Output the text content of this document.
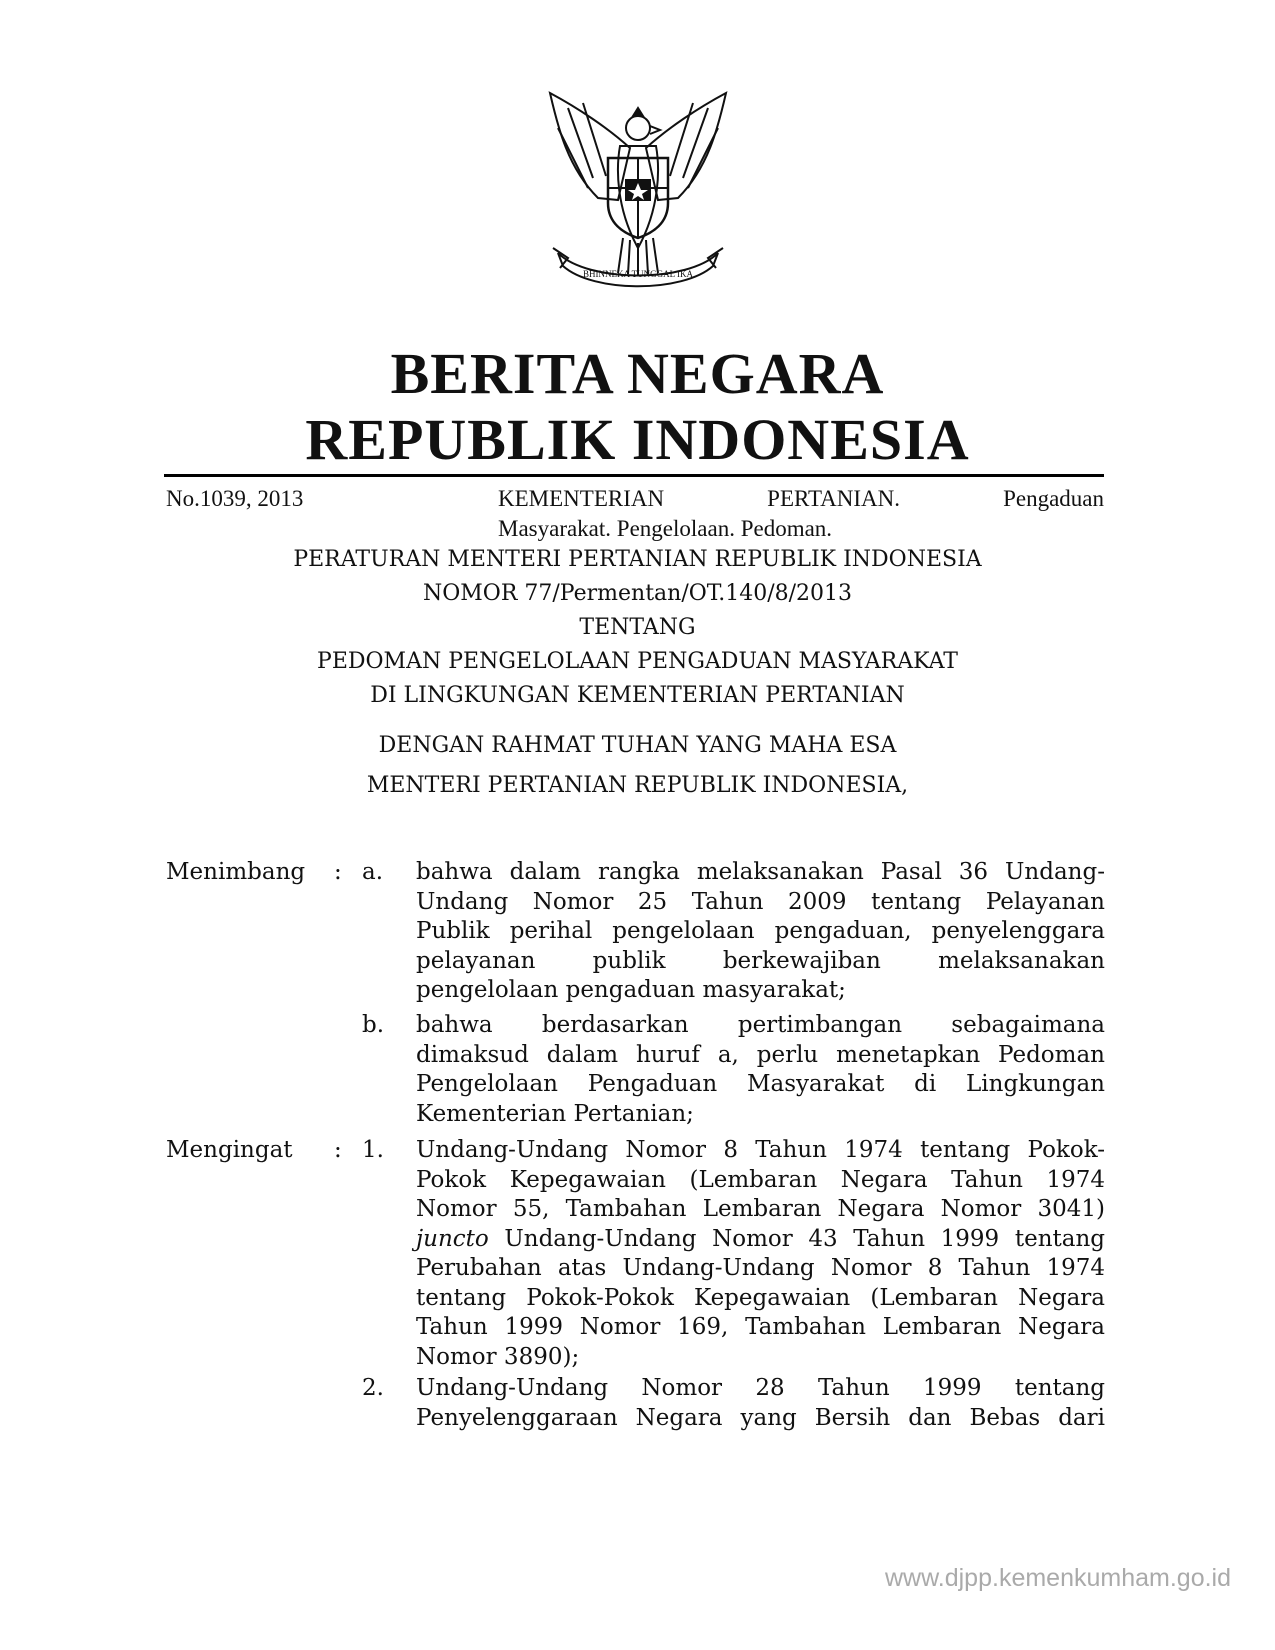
BHINNEKA TUNGGAL IKA
BERITA NEGARA
REPUBLIK INDONESIA
No.1039, 2013	KEMENTERIAN	PERTANIAN.	Pengaduan
Masyarakat. Pengelolaan. Pedoman.
PERATURAN MENTERI PERTANIAN REPUBLIK INDONESIA
NOMOR 77/Permentan/OT.140/8/2013
TENTANG
PEDOMAN PENGELOLAAN PENGADUAN MASYARAKAT
DI LINGKUNGAN KEMENTERIAN PERTANIAN
DENGAN RAHMAT TUHAN YANG MAHA ESA
MENTERI PERTANIAN REPUBLIK INDONESIA,
Menimbang : a. bahwa dalam rangka melaksanakan Pasal 36 Undang-
Undang Nomor 25 Tahun 2009 tentang Pelayanan
Publik perihal pengelolaan pengaduan, penyelenggara
pelayanan publik berkewajiban melaksanakan
pengelolaan pengaduan masyarakat;
b. bahwa berdasarkan pertimbangan sebagaimana
dimaksud dalam huruf a, perlu menetapkan Pedoman
Pengelolaan Pengaduan Masyarakat di Lingkungan
Kementerian Pertanian;
Mengingat : 1. Undang-Undang Nomor 8 Tahun 1974 tentang Pokok-
Pokok Kepegawaian (Lembaran Negara Tahun 1974
Nomor 55, Tambahan Lembaran Negara Nomor 3041)
juncto Undang-Undang Nomor 43 Tahun 1999 tentang
Perubahan atas Undang-Undang Nomor 8 Tahun 1974
tentang Pokok-Pokok Kepegawaian (Lembaran Negara
Tahun 1999 Nomor 169, Tambahan Lembaran Negara
Nomor 3890);
2. Undang-Undang Nomor 28 Tahun 1999 tentang
Penyelenggaraan Negara yang Bersih dan Bebas dari
www.djpp.kemenkumham.go.id
